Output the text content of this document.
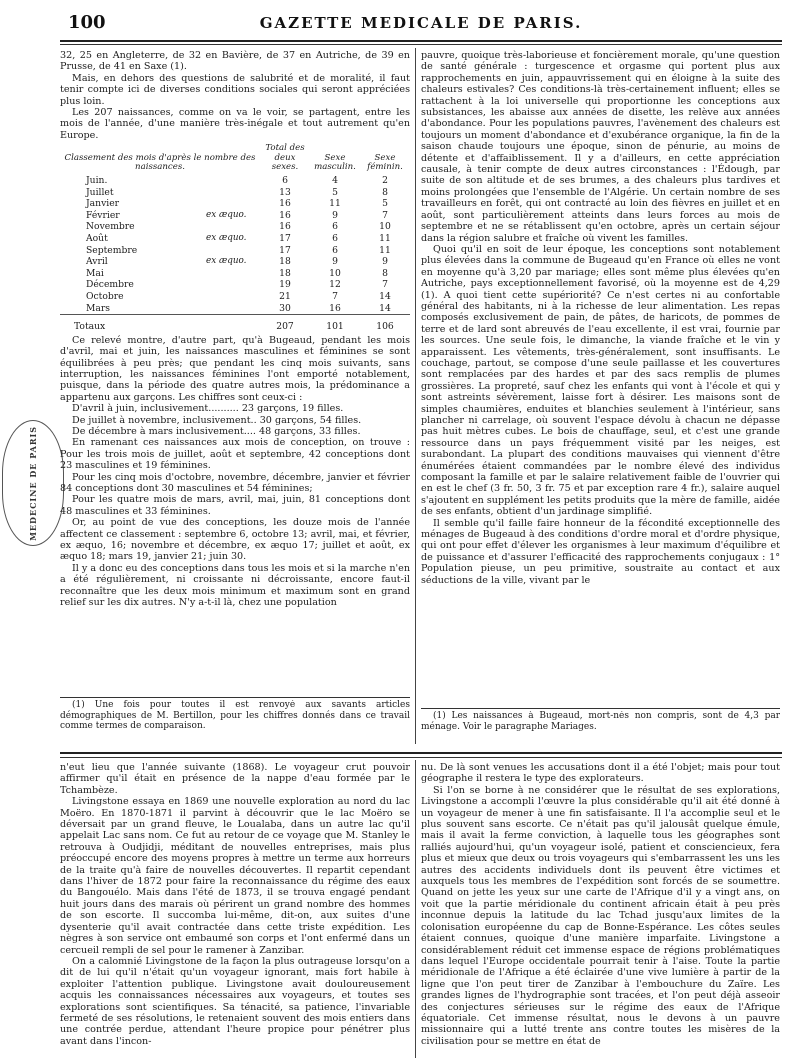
100	GAZETTE MEDICALE DE PARIS.
MEDECINE DE PARIS

32, 25 en Angleterre, de 32 en Bavière, de 37 en Autriche, de 39 en Prusse, de 41 en Saxe (1).

Mais, en dehors des questions de salubrité et de moralité, il faut tenir compte ici de diverses conditions sociales qui seront appréciées plus loin.

Les 207 naissances, comme on va le voir, se partagent, entre les mois de l'année, d'une manière très-inégale et tout autrement qu'en Europe.

Classement des mois d'après le nombre des naissances.		Total des deux sexes.	Sexe masculin.	Sexe féminin.
Juin.		6	4	2
Juillet		13	5	8
Janvier		16	11	5
Février	ex æquo.	16	9	7
Novembre		16	6	10
Août	ex æquo.	17	6	11
Septembre		17	6	11
Avril	ex æquo.	18	9	9
Mai		18	10	8
Décembre		19	12	7
Octobre		21	7	14
Mars		30	16	14
Totaux		207	101	106

Ce relevé montre, d'autre part, qu'à Bugeaud, pendant les mois d'avril, mai et juin, les naissances masculines et féminines se sont équilibrées à peu près; que pendant les cinq mois suivants, sans interruption, les naissances féminines l'ont emporté notablement, puisque, dans la période des quatre autres mois, la prédominance a appartenu aux garçons. Les chiffres sont ceux-ci :

D'avril à juin, inclusivement.......... 23 garçons, 19 filles.

De juillet à novembre, inclusivement.. 30 garçons, 54 filles.

De décembre à mars inclusivement.... 48 garçons, 33 filles.

En ramenant ces naissances aux mois de conception, on trouve : Pour les trois mois de juillet, août et septembre, 42 conceptions dont 23 masculines et 19 féminines.

Pour les cinq mois d'octobre, novembre, décembre, janvier et février 84 conceptions dont 30 masculines et 54 féminines;

Pour les quatre mois de mars, avril, mai, juin, 81 conceptions dont 48 masculines et 33 féminines.

Or, au point de vue des conceptions, les douze mois de l'année affectent ce classement : septembre 6, octobre 13; avril, mai, et février, ex æquo, 16; novembre et décembre, ex æquo 17; juillet et août, ex æquo 18; mars 19, janvier 21; juin 30.

Il y a donc eu des conceptions dans tous les mois et si la marche n'en a été régulièrement, ni croissante ni décroissante, encore faut-il reconnaître que les deux mois minimum et maximum sont en grand relief sur les dix autres. N'y a-t-il là, chez une population

(1) Une fois pour toutes il est renvoyé aux savants articles démographiques de M. Bertillon, pour les chiffres donnés dans ce travail comme termes de comparaison.

pauvre, quoique très-laborieuse et foncièrement morale, qu'une question de santé générale : turgescence et orgasme qui portent plus aux rapprochements en juin, appauvrissement qui en éloigne à la suite des chaleurs estivales? Ces conditions-là très-certainement influent; elles se rattachent à la loi universelle qui proportionne les conceptions aux subsistances, les abaisse aux années de disette, les relève aux années d'abondance. Pour les populations pauvres, l'avènement des chaleurs est toujours un moment d'abondance et d'exubérance organique, la fin de la saison chaude toujours une époque, sinon de pénurie, au moins de détente et d'affaiblissement. Il y a d'ailleurs, en cette appréciation causale, à tenir compte de deux autres circonstances : l'Édough, par suite de son altitude et de ses brumes, a des chaleurs plus tardives et moins prolongées que l'ensemble de l'Algérie. Un certain nombre de ses travailleurs en forêt, qui ont contracté au loin des fièvres en juillet et en août, sont particulièrement atteints dans leurs forces au mois de septembre et ne se rétablissent qu'en octobre, après un certain séjour dans la région salubre et fraîche où vivent les familles.

Quoi qu'il en soit de leur époque, les conceptions sont notablement plus élevées dans la commune de Bugeaud qu'en France où elles ne vont en moyenne qu'à 3,20 par mariage; elles sont même plus élevées qu'en Autriche, pays exceptionnellement favorisé, où la moyenne est de 4,29 (1). A quoi tient cette supériorité? Ce n'est certes ni au confortable général des habitants, ni à la richesse de leur alimentation. Les repas composés exclusivement de pain, de pâtes, de haricots, de pommes de terre et de lard sont abreuvés de l'eau excellente, il est vrai, fournie par les sources. Une seule fois, le dimanche, la viande fraîche et le vin y apparaissent. Les vêtements, très-généralement, sont insuffisants. Le couchage, partout, se compose d'une seule paillasse et les couvertures sont remplacées par des hardes et par des sacs remplis de plumes grossières. La propreté, sauf chez les enfants qui vont à l'école et qui y sont astreints sévèrement, laisse fort à désirer. Les maisons sont de simples chaumières, enduites et blanchies seulement à l'intérieur, sans plancher ni carrelage, où souvent l'espace dévolu à chacun ne dépasse pas huit mètres cubes. Le bois de chauffage, seul, et c'est une grande ressource dans un pays fréquemment visité par les neiges, est surabondant. La plupart des conditions mauvaises qui viennent d'être énumérées étaient commandées par le nombre élevé des individus composant la famille et par le salaire relativement faible de l'ouvrier qui en est le chef (3 fr. 50, 3 fr. 75 et par exception rare 4 fr.), salaire auquel s'ajoutent en supplément les petits produits que la mère de famille, aidée de ses enfants, obtient d'un jardinage simplifié.

Il semble qu'il faille faire honneur de la fécondité exceptionnelle des ménages de Bugeaud à des conditions d'ordre moral et d'ordre physique, qui ont pour effet d'élever les organismes à leur maximum d'équilibre et de puissance et d'assurer l'efficacité des rapprochements conjugaux : 1° Population pieuse, un peu primitive, soustraite au contact et aux séductions de la ville, vivant par le

(1) Les naissances à Bugeaud, mort-nés non compris, sont de 4,3 par ménage. Voir le paragraphe Mariages.

n'eut lieu que l'année suivante (1868). Le voyageur crut pouvoir affirmer qu'il était en présence de la nappe d'eau formée par le Tchambèze.

Livingstone essaya en 1869 une nouvelle exploration au nord du lac Moëro. En 1870-1871 il parvint à découvrir que le lac Moëro se déversait par un grand fleuve, le Loualaba, dans un autre lac qu'il appelait Lac sans nom. Ce fut au retour de ce voyage que M. Stanley le retrouva à Oudjidji, méditant de nouvelles entreprises, mais plus préoccupé encore des moyens propres à mettre un terme aux horreurs de la traite qu'à faire de nouvelles découvertes. Il repartit cependant dans l'hiver de 1872 pour faire la reconnaissance du régime des eaux du Bangouélo. Mais dans l'été de 1873, il se trouva engagé pendant huit jours dans des marais où périrent un grand nombre des hommes de son escorte. Il succomba lui-même, dit-on, aux suites d'une dysenterie qu'il avait contractée dans cette triste expédition. Les nègres à son service ont embaumé son corps et l'ont enfermé dans un cercueil rempli de sel pour le ramener à Zanzibar.

On a calomnié Livingstone de la façon la plus outrageuse lorsqu'on a dit de lui qu'il n'était qu'un voyageur ignorant, mais fort habile à exploiter l'attention publique. Livingstone avait douloureusement acquis les connaissances nécessaires aux voyageurs, et toutes ses explorations sont scientifiques. Sa ténacité, sa patience, l'invariable fermeté de ses résolutions, le retenaient souvent des mois entiers dans une contrée perdue, attendant l'heure propice pour pénétrer plus avant dans l'incon-

nu. De là sont venues les accusations dont il a été l'objet; mais pour tout géographe il restera le type des explorateurs.

Si l'on se borne à ne considérer que le résultat de ses explorations, Livingstone a accompli l'œuvre la plus considérable qu'il ait été donné à un voyageur de mener à une fin satisfaisante. Il l'a accomplie seul et le plus souvent sans escorte. Ce n'était pas qu'il jalousât quelque émule, mais il avait la ferme conviction, à laquelle tous les géographes sont ralliés aujourd'hui, qu'un voyageur isolé, patient et consciencieux, fera plus et mieux que deux ou trois voyageurs qui s'embarrassent les uns les autres des accidents individuels dont ils peuvent être victimes et auxquels tous les membres de l'expédition sont forcés de se soumettre. Quand on jette les yeux sur une carte de l'Afrique d'il y a vingt ans, on voit que la partie méridionale du continent africain était à peu près inconnue depuis la latitude du lac Tchad jusqu'aux limites de la colonisation européenne du cap de Bonne-Espérance. Les côtes seules étaient connues, quoique d'une manière imparfaite. Livingstone a considérablement réduit cet immense espace de régions problématiques dans lequel l'Europe occidentale pourrait tenir à l'aise. Toute la partie méridionale de l'Afrique a été éclairée d'une vive lumière à partir de la ligne que l'on peut tirer de Zanzibar à l'embouchure du Zaïre. Les grandes lignes de l'hydrographie sont tracées, et l'on peut déjà asseoir des conjectures sérieuses sur le régime des eaux de l'Afrique équatoriale. Cet immense résultat, nous le devons à un pauvre missionnaire qui a lutté trente ans contre toutes les misères de la civilisation pour se mettre en état de
